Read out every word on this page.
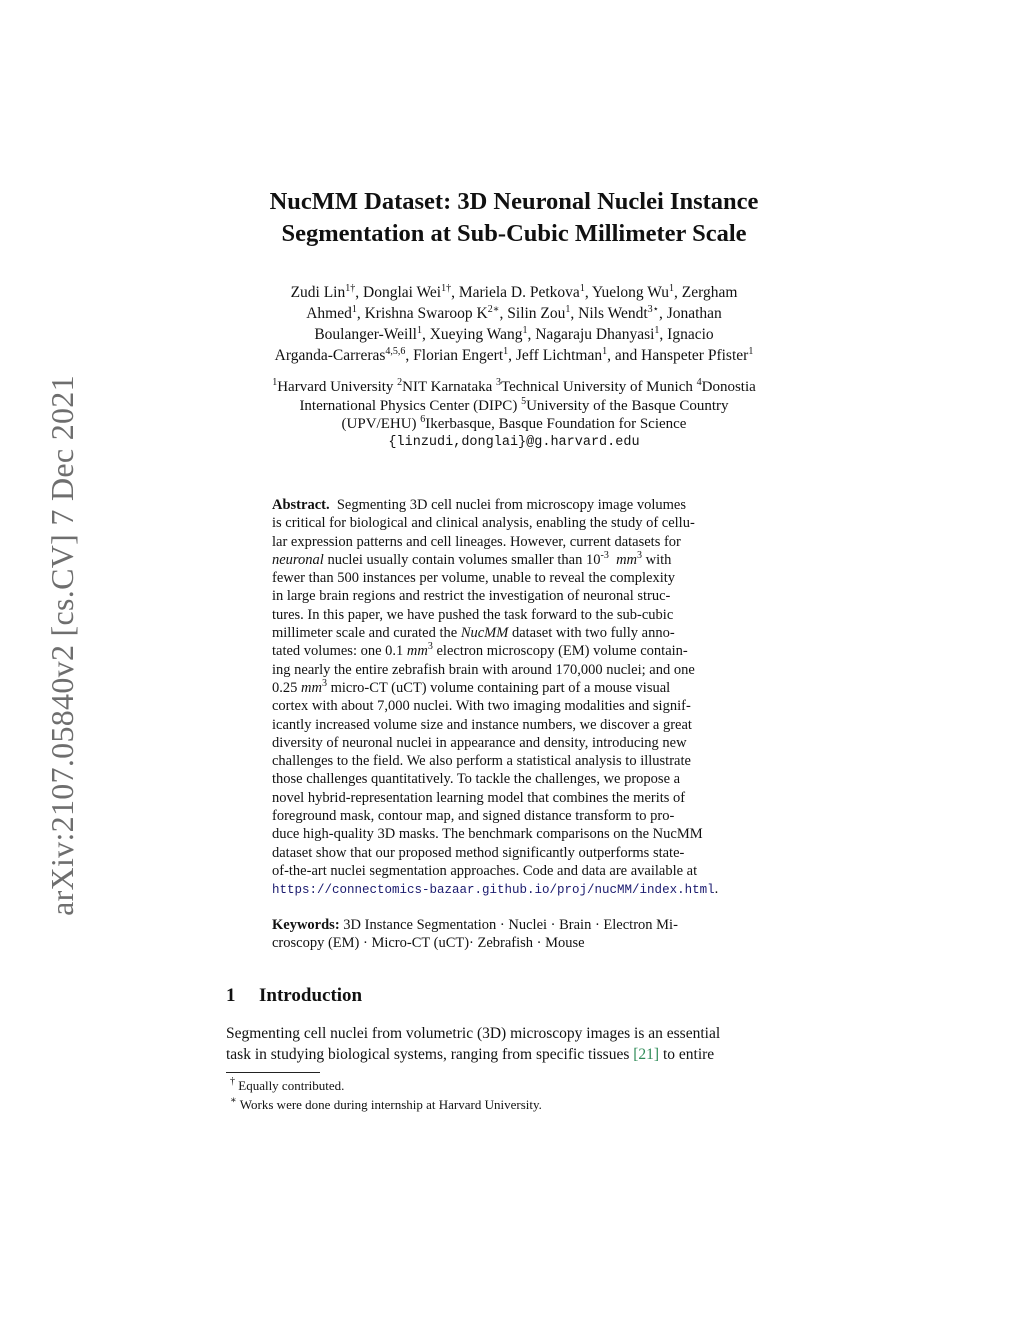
arXiv:2107.05840v2 [cs.CV] 7 Dec 2021
NucMM Dataset: 3D Neuronal Nuclei Instance
Segmentation at Sub-Cubic Millimeter Scale
Zudi Lin$^{1\dagger}$, Donglai Wei$^{1\dagger}$, Mariela D. Petkova$^1$, Yuelong Wu$^1$, Zergham
Ahmed$^1$, Krishna Swaroop $K^{2∗}$, Silin Zou$^1$, Nils Wendt$^{3⋆}$, Jonathan
Boulanger-Weill$^1$, Xueying Wang$^1$, Nagaraju Dhanyasi$^1$, Ignacio
Arganda-Carreras$^{4,5,6}$, Florian Engert$^1$, Jeff Lichtman$^1$, and Hanspeter Pfister$^1$
$^1$Harvard University $^2$NIT Karnataka $^3$Technical University of Munich $^4$Donostia
International Physics Center (DIPC) $^5$University of the Basque Country
(UPV/EHU) $^6$Ikerbasque, Basque Foundation for Science
{linzudi,donglai}@g.harvard.edu
Abstract. Segmenting 3D cell nuclei from microscopy image volumes
is critical for biological and clinical analysis, enabling the study of cellu-
lar expression patterns and cell lineages. However, current datasets for
neuronal nuclei usually contain volumes smaller than $10^{-3}$ $mm^3$ with
fewer than 500 instances per volume, unable to reveal the complexity
in large brain regions and restrict the investigation of neuronal struc-
tures. In this paper, we have pushed the task forward to the sub-cubic
millimeter scale and curated the NucMM dataset with two fully anno-
tated volumes: one 0.1 $mm^3$ electron microscopy (EM) volume contain-
ing nearly the entire zebrafish brain with around 170,000 nuclei; and one
0.25 $mm^3$ micro-CT (uCT) volume containing part of a mouse visual
cortex with about 7,000 nuclei. With two imaging modalities and signif-
icantly increased volume size and instance numbers, we discover a great
diversity of neuronal nuclei in appearance and density, introducing new
challenges to the field. We also perform a statistical analysis to illustrate
those challenges quantitatively. To tackle the challenges, we propose a
novel hybrid-representation learning model that combines the merits of
foreground mask, contour map, and signed distance transform to pro-
duce high-quality 3D masks. The benchmark comparisons on the NucMM
dataset show that our proposed method significantly outperforms state-
of-the-art nuclei segmentation approaches. Code and data are available at
https://connectomics-bazaar.github.io/proj/nucMM/index.html.
Keywords: 3D Instance Segmentation · Nuclei · Brain · Electron Mi-
croscopy (EM) · Micro-CT (uCT)· Zebrafish · Mouse
1 Introduction
Segmenting cell nuclei from volumetric (3D) microscopy images is an essential
task in studying biological systems, ranging from specific tissues [21] to entire
† Equally contributed.
∗ Works were done during internship at Harvard University.
